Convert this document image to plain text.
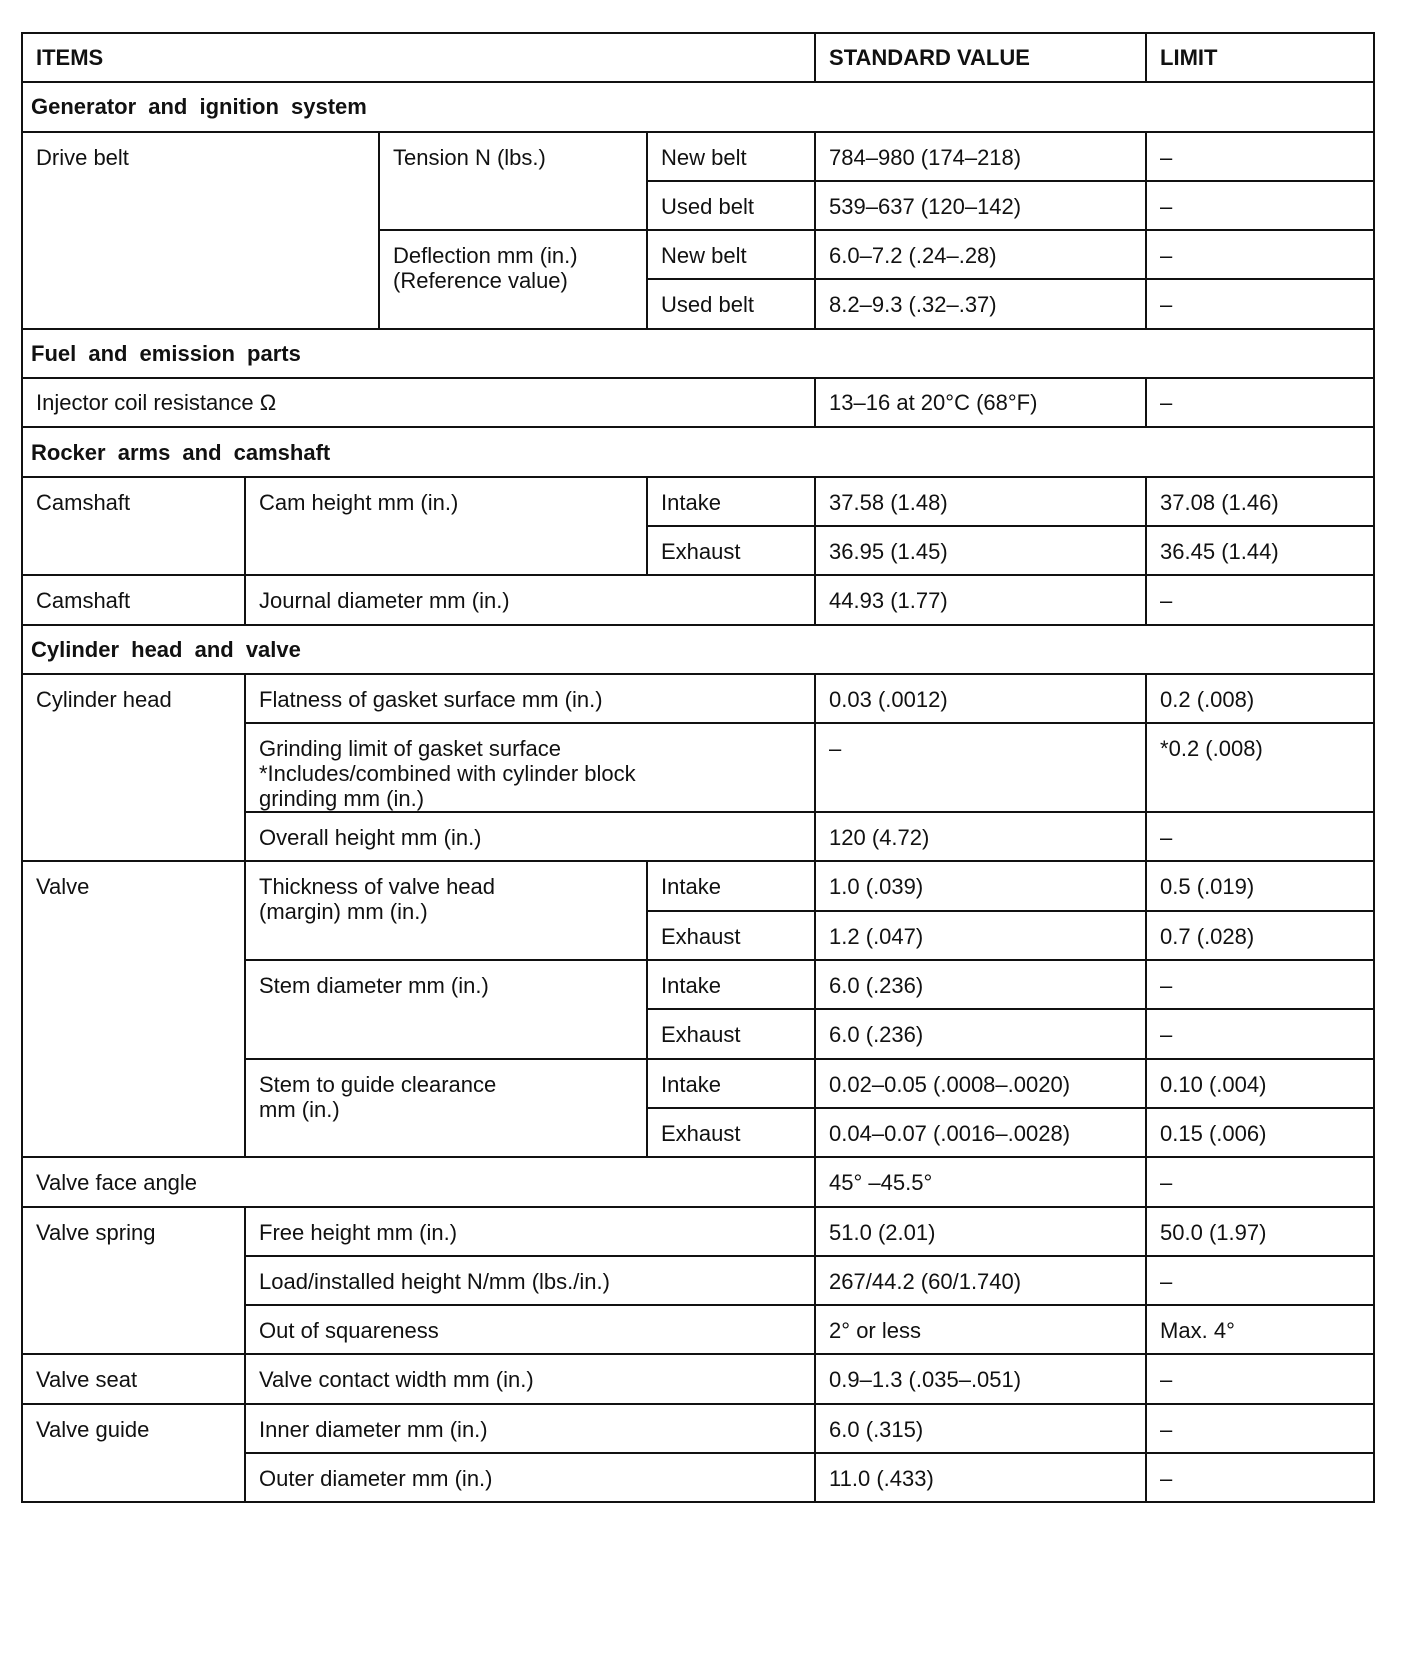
ITEMS				STANDARD VALUE	LIMIT
Generator and ignition system					
Drive belt		Tension N (lbs.)	New belt	784–980 (174–218)	–
			Used belt	539–637 (120–142)	–
		Deflection mm (in.)
(Reference value)	New belt	6.0–7.2 (.24–.28)	–
			Used belt	8.2–9.3 (.32–.37)	–
Fuel and emission parts					
Injector coil resistance Ω				13–16 at 20°C (68°F)	–
Rocker arms and camshaft					
Camshaft	Cam height mm (in.)		Intake	37.58 (1.48)	37.08 (1.46)
			Exhaust	36.95 (1.45)	36.45 (1.44)
Camshaft	Journal diameter mm (in.)			44.93 (1.77)	–
Cylinder head and valve					
Cylinder head	Flatness of gasket surface mm (in.)			0.03 (.0012)	0.2 (.008)
	Grinding limit of gasket surface
*Includes/combined with cylinder block
grinding mm (in.)			–	*0.2 (.008)

	Overall height mm (in.)			120 (4.72)	–
Valve	Thickness of valve head
(margin) mm (in.)		Intake	1.0 (.039)	0.5 (.019)
			Exhaust	1.2 (.047)	0.7 (.028)
	Stem diameter mm (in.)		Intake	6.0 (.236)	–
			Exhaust	6.0 (.236)	–
	Stem to guide clearance
mm (in.)		Intake	0.02–0.05 (.0008–.0020)	0.10 (.004)
			Exhaust	0.04–0.07 (.0016–.0028)	0.15 (.006)
Valve face angle				45° –45.5°	–
Valve spring	Free height mm (in.)			51.0 (2.01)	50.0 (1.97)
	Load/installed height N/mm (lbs./in.)			267/44.2 (60/1.740)	–
	Out of squareness			2° or less	Max. 4°
Valve seat	Valve contact width mm (in.)			0.9–1.3 (.035–.051)	–
Valve guide	Inner diameter mm (in.)			6.0 (.315)	–
	Outer diameter mm (in.)			11.0 (.433)	–
